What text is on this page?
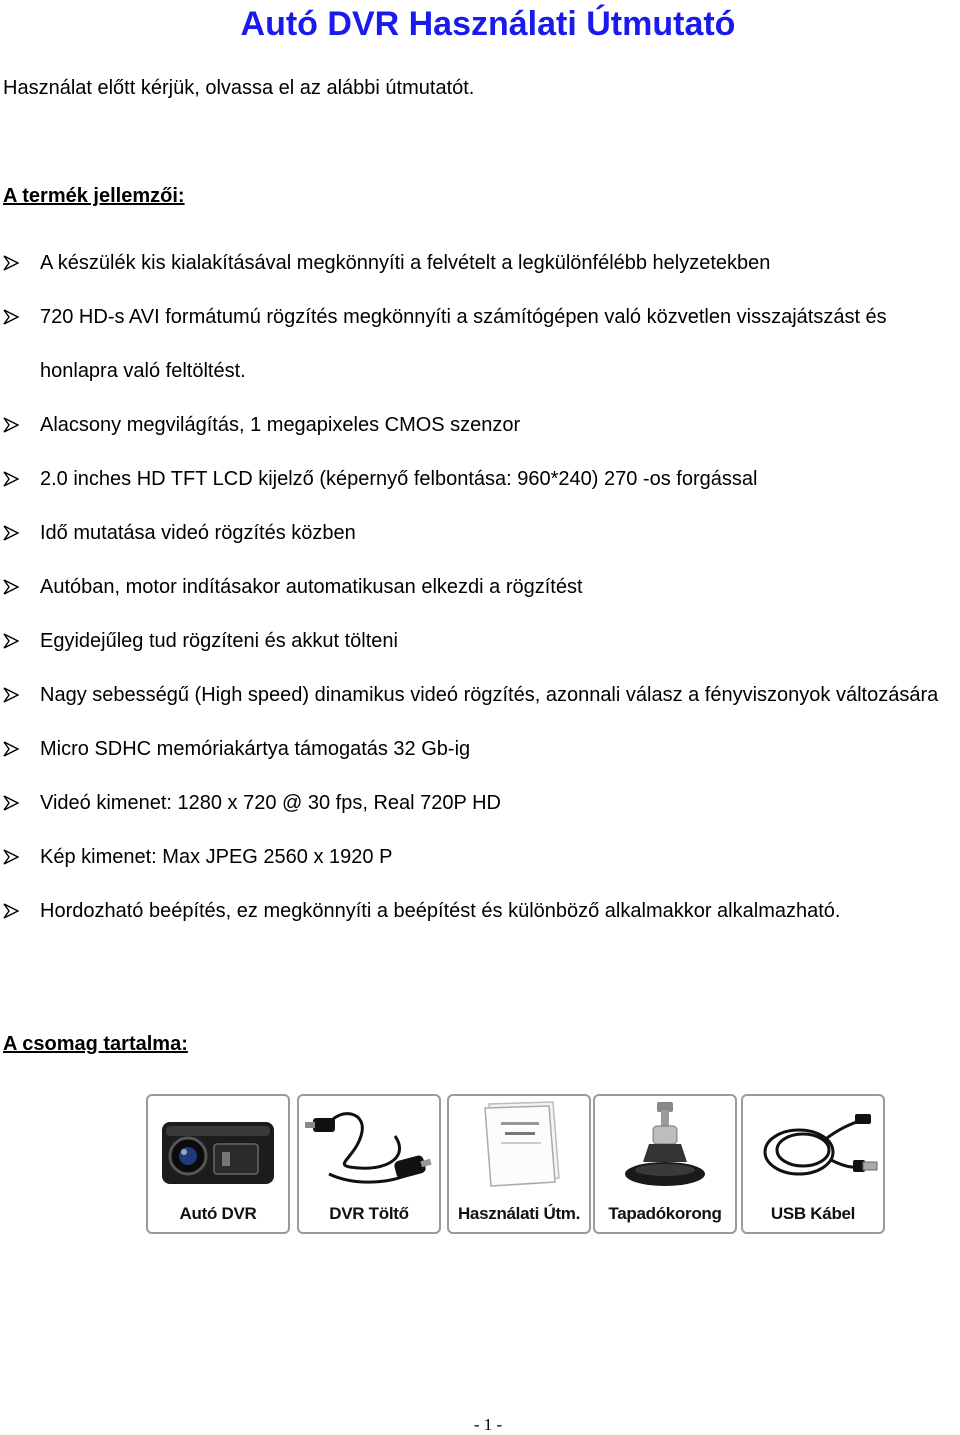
Autó DVR Használati Útmutató
Használat előtt kérjük, olvassa el az alábbi útmutatót.
A termék jellemzői:
A készülék kis kialakításával megkönnyíti a felvételt a legkülönfélébb helyzetekben
720 HD-s AVI formátumú rögzítés megkönnyíti a számítógépen való közvetlen visszajátszást és honlapra való feltöltést.
Alacsony megvilágítás, 1 megapixeles CMOS szenzor
2.0 inches HD TFT LCD kijelző (képernyő felbontása: 960*240) 270 -os forgással
Idő mutatása videó rögzítés közben
Autóban, motor indításakor automatikusan elkezdi a rögzítést
Egyidejűleg tud rögzíteni és akkut tölteni
Nagy sebességű (High speed) dinamikus videó rögzítés, azonnali válasz a fényviszonyok változására
Micro SDHC memóriakártya támogatás 32 Gb-ig
Videó kimenet: 1280 x 720 @ 30 fps, Real 720P HD
Kép kimenet: Max JPEG 2560 x 1920 P
Hordozható beépítés, ez megkönnyíti a beépítést és különböző alkalmakkor alkalmazható.
A csomag tartalma:
Autó DVR	DVR Töltő	Használati Útm.	Tapadókorong	USB Kábel
- 1 -
